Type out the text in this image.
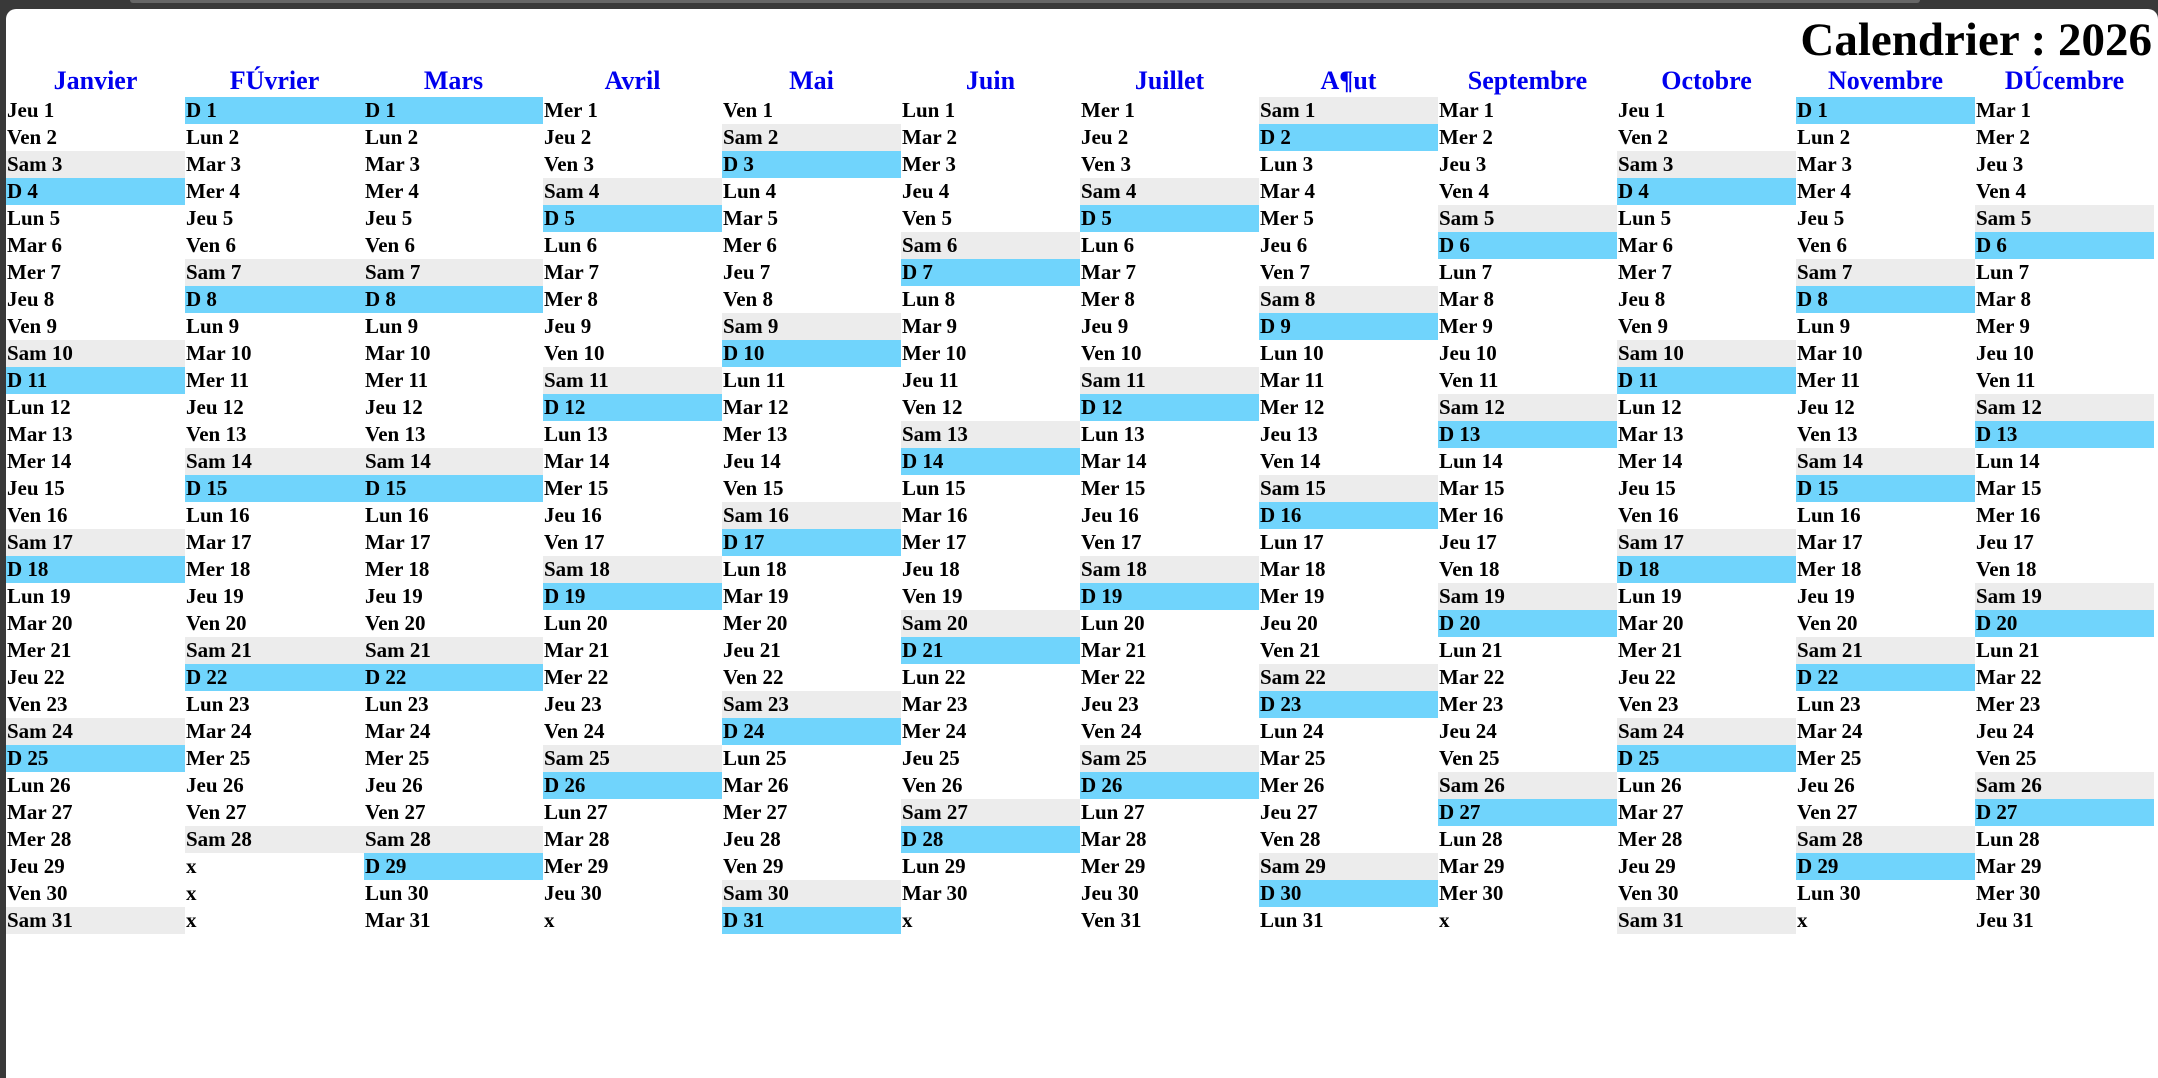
Calendrier : 2026
Janvier
Jeu 1
Ven 2
Sam 3
D 4
Lun 5
Mar 6
Mer 7
Jeu 8
Ven 9
Sam 10
D 11
Lun 12
Mar 13
Mer 14
Jeu 15
Ven 16
Sam 17
D 18
Lun 19
Mar 20
Mer 21
Jeu 22
Ven 23
Sam 24
D 25
Lun 26
Mar 27
Mer 28
Jeu 29
Ven 30
Sam 31
FÚvrier
D 1
Lun 2
Mar 3
Mer 4
Jeu 5
Ven 6
Sam 7
D 8
Lun 9
Mar 10
Mer 11
Jeu 12
Ven 13
Sam 14
D 15
Lun 16
Mar 17
Mer 18
Jeu 19
Ven 20
Sam 21
D 22
Lun 23
Mar 24
Mer 25
Jeu 26
Ven 27
Sam 28
x
x
x
Mars
D 1
Lun 2
Mar 3
Mer 4
Jeu 5
Ven 6
Sam 7
D 8
Lun 9
Mar 10
Mer 11
Jeu 12
Ven 13
Sam 14
D 15
Lun 16
Mar 17
Mer 18
Jeu 19
Ven 20
Sam 21
D 22
Lun 23
Mar 24
Mer 25
Jeu 26
Ven 27
Sam 28
D 29
Lun 30
Mar 31
Avril
Mer 1
Jeu 2
Ven 3
Sam 4
D 5
Lun 6
Mar 7
Mer 8
Jeu 9
Ven 10
Sam 11
D 12
Lun 13
Mar 14
Mer 15
Jeu 16
Ven 17
Sam 18
D 19
Lun 20
Mar 21
Mer 22
Jeu 23
Ven 24
Sam 25
D 26
Lun 27
Mar 28
Mer 29
Jeu 30
x
Mai
Ven 1
Sam 2
D 3
Lun 4
Mar 5
Mer 6
Jeu 7
Ven 8
Sam 9
D 10
Lun 11
Mar 12
Mer 13
Jeu 14
Ven 15
Sam 16
D 17
Lun 18
Mar 19
Mer 20
Jeu 21
Ven 22
Sam 23
D 24
Lun 25
Mar 26
Mer 27
Jeu 28
Ven 29
Sam 30
D 31
Juin
Lun 1
Mar 2
Mer 3
Jeu 4
Ven 5
Sam 6
D 7
Lun 8
Mar 9
Mer 10
Jeu 11
Ven 12
Sam 13
D 14
Lun 15
Mar 16
Mer 17
Jeu 18
Ven 19
Sam 20
D 21
Lun 22
Mar 23
Mer 24
Jeu 25
Ven 26
Sam 27
D 28
Lun 29
Mar 30
x
Juillet
Mer 1
Jeu 2
Ven 3
Sam 4
D 5
Lun 6
Mar 7
Mer 8
Jeu 9
Ven 10
Sam 11
D 12
Lun 13
Mar 14
Mer 15
Jeu 16
Ven 17
Sam 18
D 19
Lun 20
Mar 21
Mer 22
Jeu 23
Ven 24
Sam 25
D 26
Lun 27
Mar 28
Mer 29
Jeu 30
Ven 31
A¶ut
Sam 1
D 2
Lun 3
Mar 4
Mer 5
Jeu 6
Ven 7
Sam 8
D 9
Lun 10
Mar 11
Mer 12
Jeu 13
Ven 14
Sam 15
D 16
Lun 17
Mar 18
Mer 19
Jeu 20
Ven 21
Sam 22
D 23
Lun 24
Mar 25
Mer 26
Jeu 27
Ven 28
Sam 29
D 30
Lun 31
Septembre
Mar 1
Mer 2
Jeu 3
Ven 4
Sam 5
D 6
Lun 7
Mar 8
Mer 9
Jeu 10
Ven 11
Sam 12
D 13
Lun 14
Mar 15
Mer 16
Jeu 17
Ven 18
Sam 19
D 20
Lun 21
Mar 22
Mer 23
Jeu 24
Ven 25
Sam 26
D 27
Lun 28
Mar 29
Mer 30
x
Octobre
Jeu 1
Ven 2
Sam 3
D 4
Lun 5
Mar 6
Mer 7
Jeu 8
Ven 9
Sam 10
D 11
Lun 12
Mar 13
Mer 14
Jeu 15
Ven 16
Sam 17
D 18
Lun 19
Mar 20
Mer 21
Jeu 22
Ven 23
Sam 24
D 25
Lun 26
Mar 27
Mer 28
Jeu 29
Ven 30
Sam 31
Novembre
D 1
Lun 2
Mar 3
Mer 4
Jeu 5
Ven 6
Sam 7
D 8
Lun 9
Mar 10
Mer 11
Jeu 12
Ven 13
Sam 14
D 15
Lun 16
Mar 17
Mer 18
Jeu 19
Ven 20
Sam 21
D 22
Lun 23
Mar 24
Mer 25
Jeu 26
Ven 27
Sam 28
D 29
Lun 30
x
DÚcembre
Mar 1
Mer 2
Jeu 3
Ven 4
Sam 5
D 6
Lun 7
Mar 8
Mer 9
Jeu 10
Ven 11
Sam 12
D 13
Lun 14
Mar 15
Mer 16
Jeu 17
Ven 18
Sam 19
D 20
Lun 21
Mar 22
Mer 23
Jeu 24
Ven 25
Sam 26
D 27
Lun 28
Mar 29
Mer 30
Jeu 31
